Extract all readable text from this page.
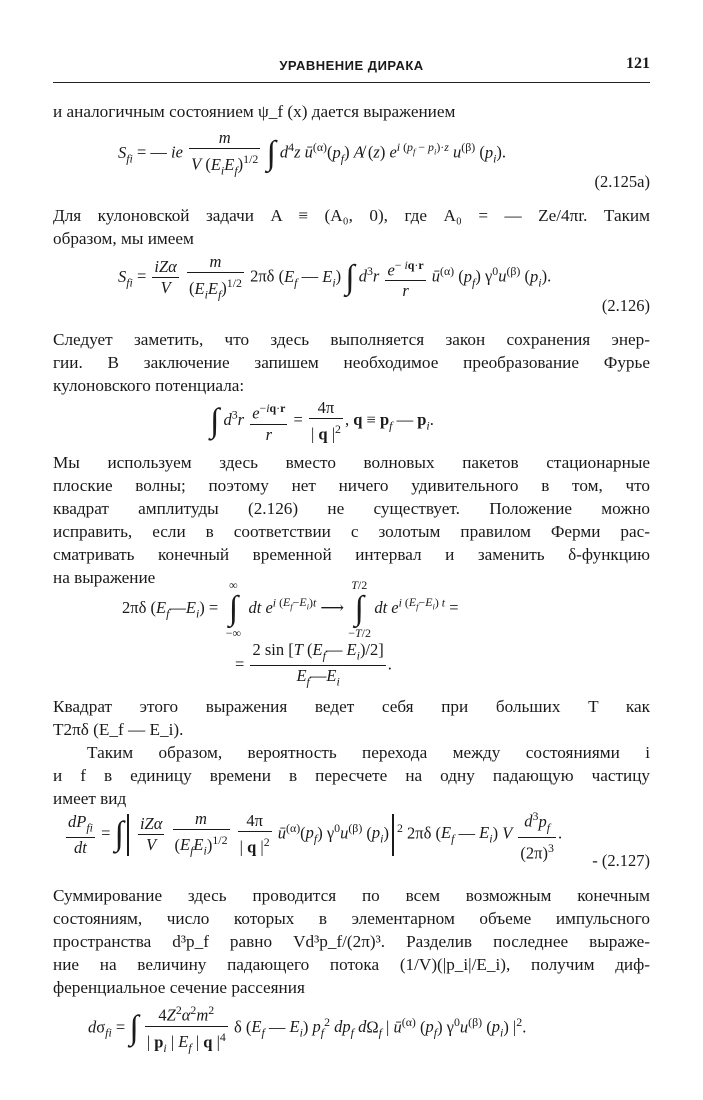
УРАВНЕНИЕ ДИРАКА	121
и аналогичным состоянием ψ_f (x) дается выражением
$S_{fi}$ = — ie $\frac{m}{V (E_iE_f)^{1/2}}$ ∫ $d^4z$ $ū^{(\alpha)}(p_f)$ A̸ (z) $e^{i (p_f - p_i)\cdot z}$ $u^{(\beta)}$ $(p_i)$.
(2.125а)
Для кулоновской задачи A ≡ (A₀, 0), где A₀ = — Ze/4πr. Таким
образом, мы имеем
$S_{fi} = \frac{\text{iZα}}{V}$
$\frac{m}{(E_iE_f)^{1/2}} 2\pi\delta$ ($E_f$ — $E_i$) ∫ $d^3r \frac{e^{- iq\cdot r}}{r}$ $ū^{(\alpha)}$ $(p_f)$ $\gamma^0u^{(\beta)}$ $(p_i)$.
(2.126)
Следует заметить, что здесь выполняется закон сохранения энер-
гии. В заключение запишем необходимое преобразование Фурье
кулоновского потенциала:
∫ $d^3r \frac{e^{-iq\cdot r}}{r} = \frac{4\pi}{| q |^2}$ , $q \equiv p_f$ — $p_i$.
Мы используем здесь вместо волновых пакетов стационарные
плоские волны; поэтому нет ничего удивительного в том, что
квадрат амплитуды (2.126) не существует. Положение можно
исправить, если в соответствии с золотым правилом Ферми рас-
сматривать конечный временной интервал и заменить δ-функцию
на выражение
2πδ $(E_f—E_i)$ =
∞
∫
−∞
dt $e^{i (E_f-E_i)t}$ ⟶
T/2
∫
−T/2
dt $e^{i (E_f-E_i) t}$ =
= $\frac{2 \sin [T (E_f— E_i)/2]}{E_f—E_i}$ .
Квадрат этого выражения ведет себя при больших T как
T2πδ (E_f — E_i).
Таким образом, вероятность перехода между состояниями i
и f в единицу времени в пересчете на одну падающую частицу
имеет вид
$\frac{dP_{fi}}{dt}$ = ∫ $\frac{\text{iZα}}{V}$
$\frac{m}{(E_fE_i)^{1/2}}$
$\frac{4\pi}{| q |^2}$ $ū^{(\alpha)}(p_f)$ $\gamma^0u^{(\beta)}$ $(p_i)$ $^2$ 2πδ ($E_f$ — $E_i$) V $\frac{d^3p_f}{(2\pi)^3}$ .
- (2.127)
Суммирование здесь проводится по всем возможным конечным
состояниям, число которых в элементарном объеме импульсного
пространства d³p_f равно Vd³p_f/(2π)³. Разделив последнее выраже-
ние на величину падающего потока (1/V)(|p_i|/E_i), получим диф-
ференциальное сечение рассеяния
$d\sigma_{fi}$ = ∫ $\frac{4Z^2\alpha^2m^2}{| p_i | E_f | q |^4}$ δ ($E_f$ — $E_i$) $p_f^2$ $dp_f$ $d\Omega_f$ | $ū^{(\alpha)}$ $(p_f)$ $\gamma^0u^{(\beta)}$ $(p_i)$ $|^2$.
